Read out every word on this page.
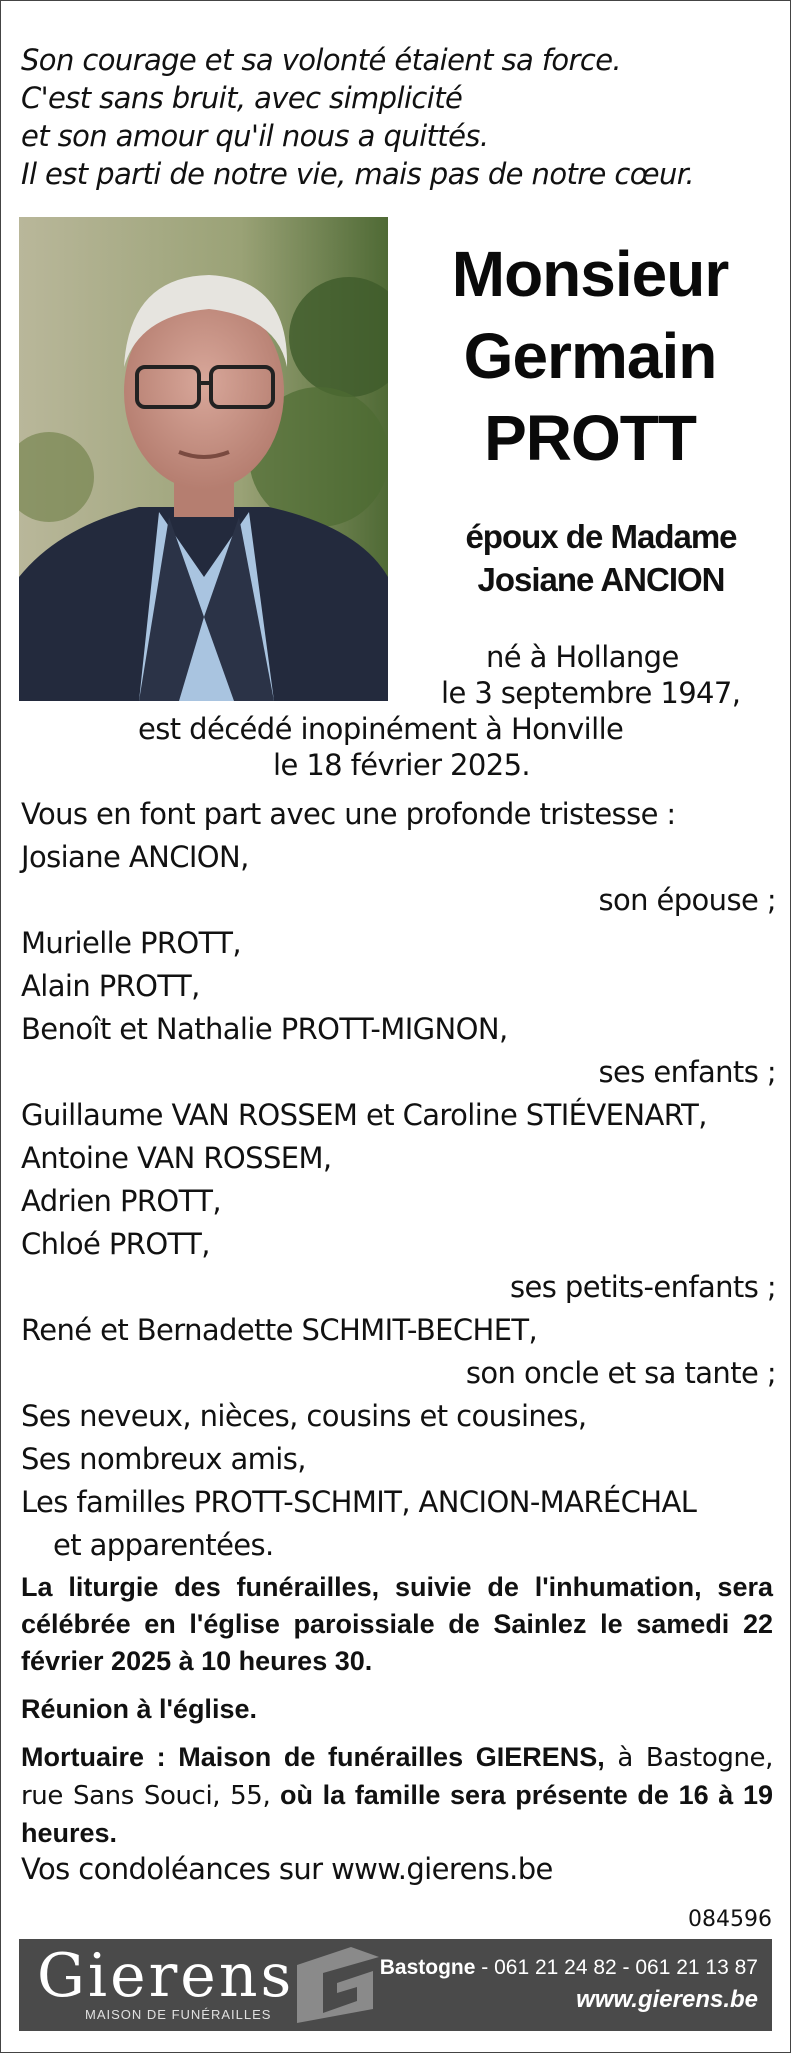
Son courage et sa volonté étaient sa force.
C'est sans bruit, avec simplicité
et son amour qu'il nous a quittés.
Il est parti de notre vie, mais pas de notre cœur.
Monsieur
Germain
PROTT
époux de Madame
Josiane ANCION
né à Hollange
le 3 septembre 1947,
est décédé inopinément à Honville
le 18 février 2025.
Vous en font part avec une profonde tristesse :
Josiane ANCION,
son épouse ;
Murielle PROTT,
Alain PROTT,
Benoît et Nathalie PROTT-MIGNON,
ses enfants ;
Guillaume VAN ROSSEM et Caroline STIÉVENART,
Antoine VAN ROSSEM,
Adrien PROTT,
Chloé PROTT,
ses petits-enfants ;
René et Bernadette SCHMIT-BECHET,
son oncle et sa tante ;
Ses neveux, nièces, cousins et cousines,
Ses nombreux amis,
Les familles PROTT-SCHMIT, ANCION-MARÉCHAL
et apparentées.

La liturgie des funérailles, suivie de l'inhumation, sera célébrée en l'église paroissiale de Sainlez le samedi 22 février 2025 à 10 heures 30.

Réunion à l'église.

Mortuaire : Maison de funérailles GIERENS, à Bastogne, rue Sans Souci, 55, où la famille sera présente de 16 à 19 heures.

Vos condoléances sur www.gierens.be
084596
Gierens
MAISON DE FUNÉRAILLES
Bastogne - 061 21 24 82 - 061 21 13 87
www.gierens.be
